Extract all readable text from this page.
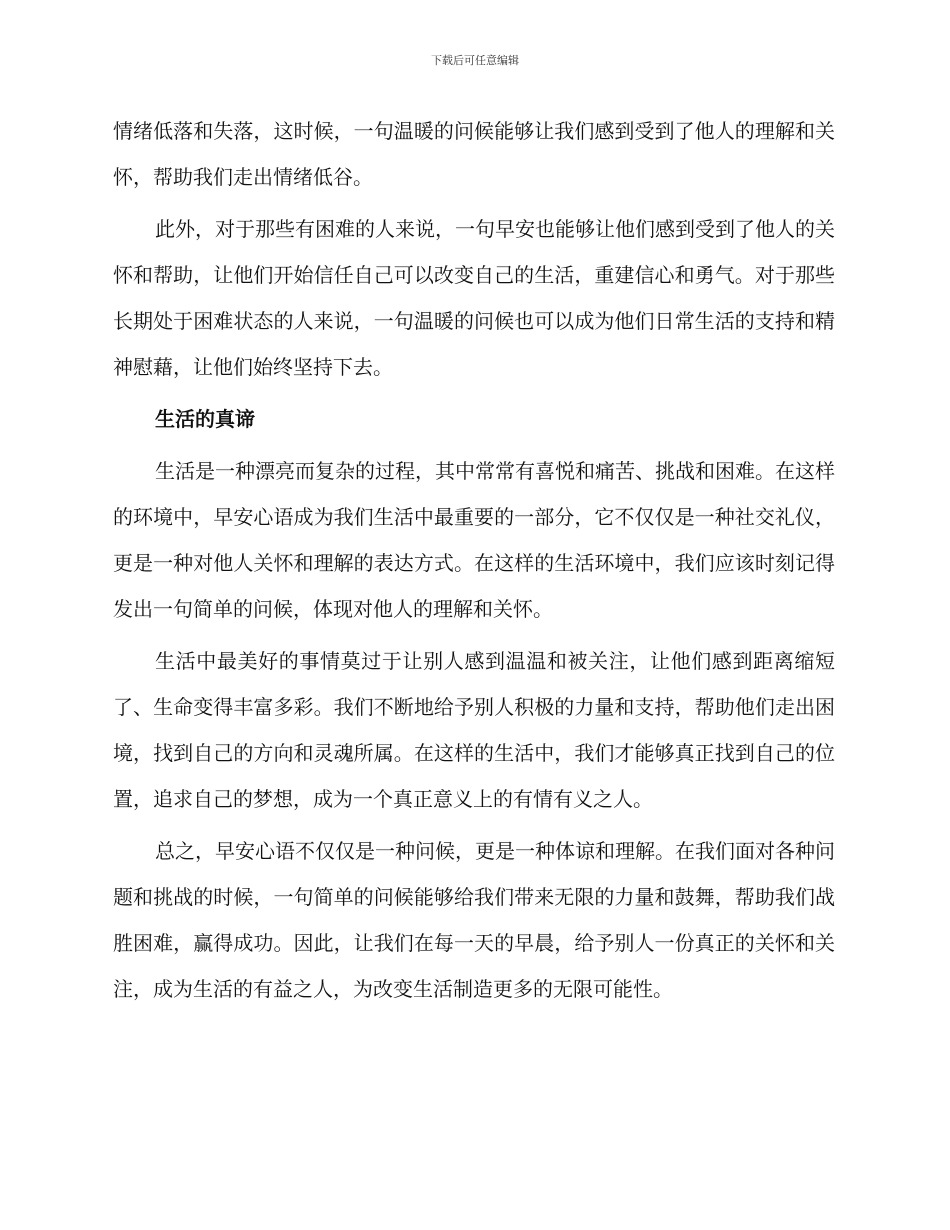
下载后可任意编辑

情绪低落和失落，这时候，一句温暖的问候能够让我们感到受到了他人的理解和关怀，帮助我们走出情绪低谷。

此外，对于那些有困难的人来说，一句早安也能够让他们感到受到了他人的关怀和帮助，让他们开始信任自己可以改变自己的生活，重建信心和勇气。对于那些长期处于困难状态的人来说，一句温暖的问候也可以成为他们日常生活的支持和精神慰藉，让他们始终坚持下去。

生活的真谛

生活是一种漂亮而复杂的过程，其中常常有喜悦和痛苦、挑战和困难。在这样的环境中，早安心语成为我们生活中最重要的一部分，它不仅仅是一种社交礼仪，更是一种对他人关怀和理解的表达方式。在这样的生活环境中，我们应该时刻记得发出一句简单的问候，体现对他人的理解和关怀。

生活中最美好的事情莫过于让别人感到温温和被关注，让他们感到距离缩短了、生命变得丰富多彩。我们不断地给予别人积极的力量和支持，帮助他们走出困境，找到自己的方向和灵魂所属。在这样的生活中，我们才能够真正找到自己的位置，追求自己的梦想，成为一个真正意义上的有情有义之人。

总之，早安心语不仅仅是一种问候，更是一种体谅和理解。在我们面对各种问题和挑战的时候，一句简单的问候能够给我们带来无限的力量和鼓舞，帮助我们战胜困难，赢得成功。因此，让我们在每一天的早晨，给予别人一份真正的关怀和关注，成为生活的有益之人，为改变生活制造更多的无限可能性。
